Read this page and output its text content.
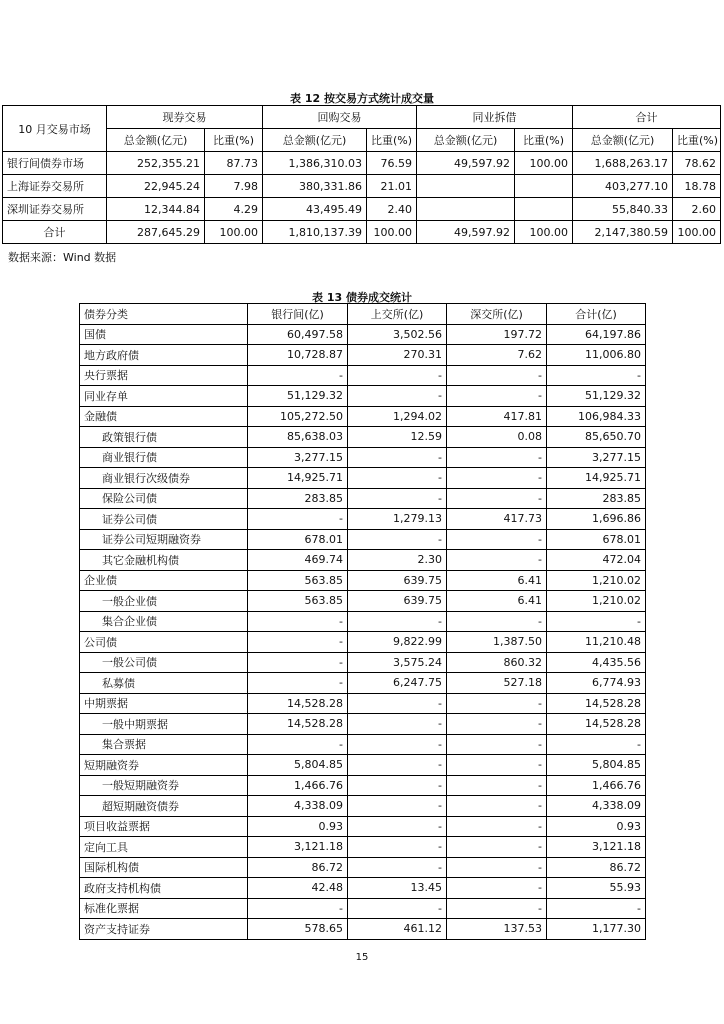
表 12 按交易方式统计成交量
10 月交易市场	现券交易		回购交易		同业拆借		合计	
	总金额(亿元)	比重(%)	总金额(亿元)	比重(%)	总金额(亿元)	比重(%)	总金额(亿元)	比重(%)
银行间债券市场	252,355.21	87.73	1,386,310.03	76.59	49,597.92	100.00	1,688,263.17	78.62
上海证券交易所	22,945.24	7.98	380,331.86	21.01			403,277.10	18.78
深圳证券交易所	12,344.84	4.29	43,495.49	2.40			55,840.33	2.60
合计	287,645.29	100.00	1,810,137.39	100.00	49,597.92	100.00	2,147,380.59	100.00
数据来源：Wind 数据
表 13 债券成交统计
债券分类	银行间(亿)	上交所(亿)	深交所(亿)	合计(亿)
国债	60,497.58	3,502.56	197.72	64,197.86
地方政府债	10,728.87	270.31	7.62	11,006.80
央行票据	-	-	-	-
同业存单	51,129.32	-	-	51,129.32
金融债	105,272.50	1,294.02	417.81	106,984.33
政策银行债	85,638.03	12.59	0.08	85,650.70
商业银行债	3,277.15	-	-	3,277.15
商业银行次级债券	14,925.71	-	-	14,925.71
保险公司债	283.85	-	-	283.85
证券公司债	-	1,279.13	417.73	1,696.86
证券公司短期融资券	678.01	-	-	678.01
其它金融机构债	469.74	2.30	-	472.04
企业债	563.85	639.75	6.41	1,210.02
一般企业债	563.85	639.75	6.41	1,210.02
集合企业债	-	-	-	-
公司债	-	9,822.99	1,387.50	11,210.48
一般公司债	-	3,575.24	860.32	4,435.56
私募债	-	6,247.75	527.18	6,774.93
中期票据	14,528.28	-	-	14,528.28
一般中期票据	14,528.28	-	-	14,528.28
集合票据	-	-	-	-
短期融资券	5,804.85	-	-	5,804.85
一般短期融资券	1,466.76	-	-	1,466.76
超短期融资债券	4,338.09	-	-	4,338.09
项目收益票据	0.93	-	-	0.93
定向工具	3,121.18	-	-	3,121.18
国际机构债	86.72	-	-	86.72
政府支持机构债	42.48	13.45	-	55.93
标准化票据	-	-	-	-
资产支持证券	578.65	461.12	137.53	1,177.30
15
